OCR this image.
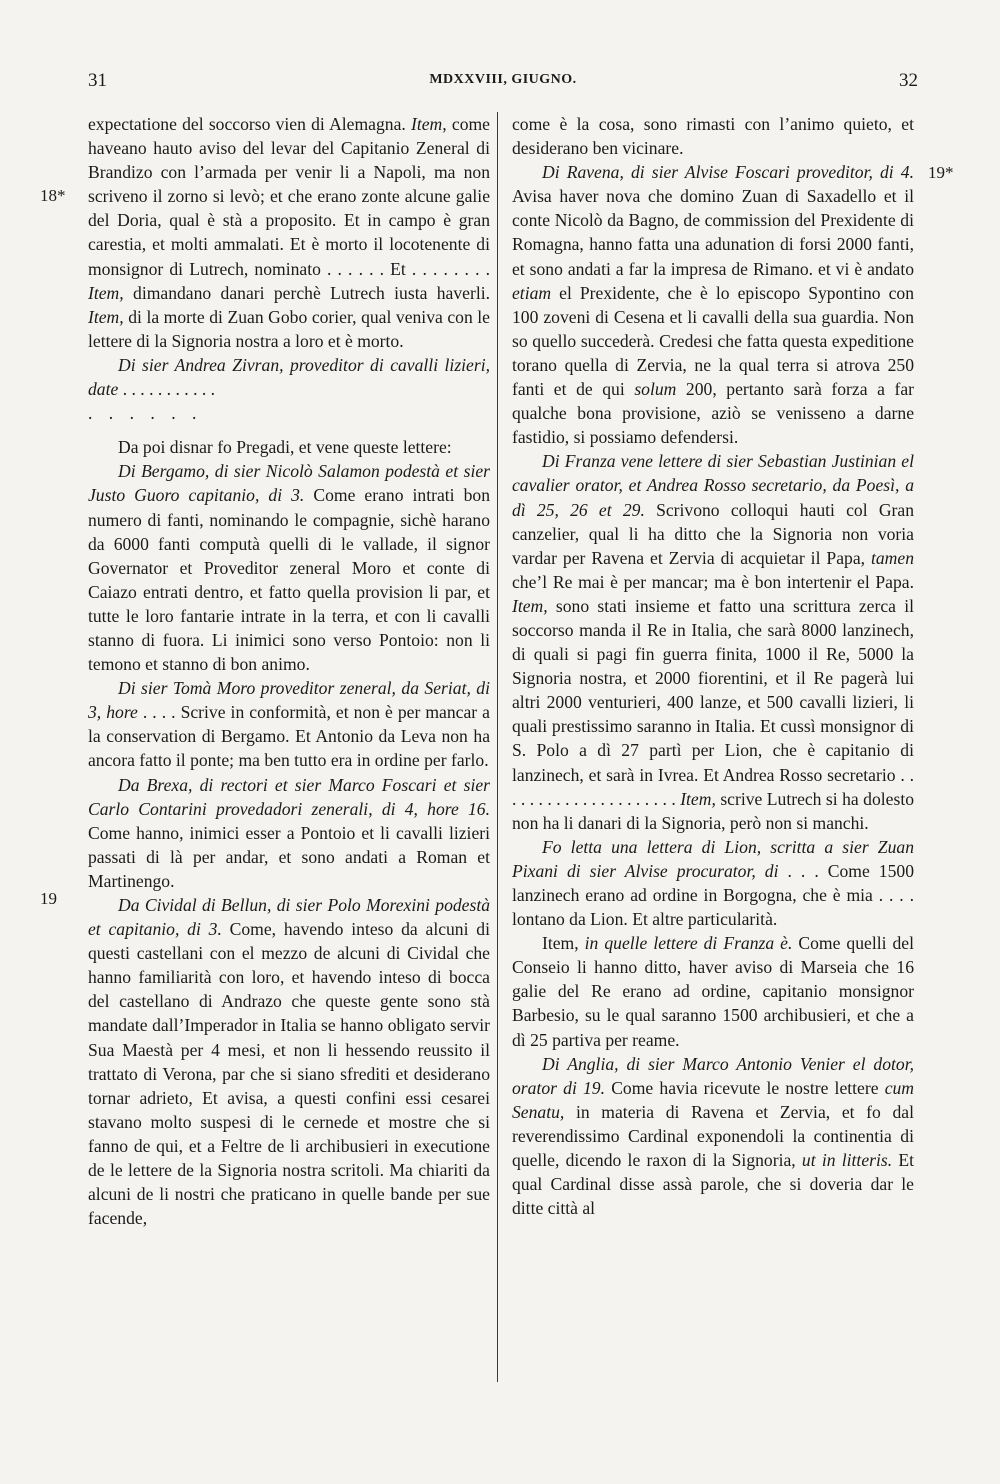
31	MDXXVIII, GIUGNO.	32
18*
19
19*

expectatione del soccorso vien di Alemagna. Item, come haveano hauto aviso del levar del Capitanio Zeneral di Brandizo con l’armada per venir li a Napoli, ma non scriveno il zorno si levò; et che erano zonte alcune galie del Doria, qual è stà a proposito. Et in campo è gran carestia, et molti ammalati. Et è morto il locotenente di monsignor di Lutrech, nominato . . . . . . Et . . . . . . . . Item, dimandano danari perchè Lutrech iusta haverli. Item, di la morte di Zuan Gobo corier, qual veniva con le lettere di la Signoria nostra a loro et è morto.

Di sier Andrea Zivran, proveditor di cavalli lizieri, date . . . . . . . . . . .

. . . . . .

Da poi disnar fo Pregadi, et vene queste lettere:

Di Bergamo, di sier Nicolò Salamon podestà et sier Justo Guoro capitanio, di 3. Come erano intrati bon numero di fanti, nominando le compagnie, sichè harano da 6000 fanti computà quelli di le vallade, il signor Governator et Proveditor zeneral Moro et conte di Caiazo entrati dentro, et fatto quella provision li par, et tutte le loro fantarie intrate in la terra, et con li cavalli stanno di fuora. Li inimici sono verso Pontoio: non li temono et stanno di bon animo.

Di sier Tomà Moro proveditor zeneral, da Seriat, di 3, hore . . . . Scrive in conformità, et non è per mancar a la conservation di Bergamo. Et Antonio da Leva non ha ancora fatto il ponte; ma ben tutto era in ordine per farlo.

Da Brexa, di rectori et sier Marco Foscari et sier Carlo Contarini provedadori zenerali, di 4, hore 16. Come hanno, inimici esser a Pontoio et li cavalli lizieri passati di là per andar, et sono andati a Roman et Martinengo.

Da Cividal di Bellun, di sier Polo Morexini podestà et capitanio, di 3. Come, havendo inteso da alcuni di questi castellani con el mezzo de alcuni di Cividal che hanno familiarità con loro, et havendo inteso di bocca del castellano di Andrazo che queste gente sono stà mandate dall’Imperador in Italia se hanno obligato servir Sua Maestà per 4 mesi, et non li hessendo reussito il trattato di Verona, par che si siano sfrediti et desiderano tornar adrieto, Et avisa, a questi confini essi cesarei stavano molto suspesi di le cernede et mostre che si fanno de qui, et a Feltre de li archibusieri in executione de le lettere de la Signoria nostra scritoli. Ma chiariti da alcuni de li nostri che praticano in quelle bande per sue facende,

come è la cosa, sono rimasti con l’animo quieto, et desiderano ben vicinare.

Di Ravena, di sier Alvise Foscari proveditor, di 4. Avisa haver nova che domino Zuan di Saxadello et il conte Nicolò da Bagno, de commission del Prexidente di Romagna, hanno fatta una adunation di forsi 2000 fanti, et sono andati a far la impresa de Rimano. et vi è andato etiam el Prexidente, che è lo episcopo Sypontino con 100 zoveni di Cesena et li cavalli della sua guardia. Non so quello succederà. Credesi che fatta questa expeditione torano quella di Zervia, ne la qual terra si atrova 250 fanti et de qui solum 200, pertanto sarà forza a far qualche bona provisione, aziò se venisseno a darne fastidio, si possiamo defendersi.

Di Franza vene lettere di sier Sebastian Justinian el cavalier orator, et Andrea Rosso secretario, da Poesì, a dì 25, 26 et 29. Scrivono colloqui hauti col Gran canzelier, qual li ha ditto che la Signoria non voria vardar per Ravena et Zervia di acquietar il Papa, tamen che’l Re mai è per mancar; ma è bon intertenir el Papa. Item, sono stati insieme et fatto una scrittura zerca il soccorso manda il Re in Italia, che sarà 8000 lanzinech, di quali si pagi fin guerra finita, 1000 il Re, 5000 la Signoria nostra, et 2000 fiorentini, et il Re pagerà lui altri 2000 venturieri, 400 lanze, et 500 cavalli lizieri, li quali prestissimo saranno in Italia. Et cussì monsignor di S. Polo a dì 27 partì per Lion, che è capitanio di lanzinech, et sarà in Ivrea. Et Andrea Rosso secretario . . . . . . . . . . . . . . . . . . . . . Item, scrive Lutrech si ha dolesto non ha li danari di la Signoria, però non si manchi.

Fo letta una lettera di Lion, scritta a sier Zuan Pixani di sier Alvise procurator, di . . . Come 1500 lanzinech erano ad ordine in Borgogna, che è mia . . . . lontano da Lion. Et altre particularità.

Item, in quelle lettere di Franza è. Come quelli del Conseio li hanno ditto, haver aviso di Marseia che 16 galie del Re erano ad ordine, capitanio monsignor Barbesio, su le qual saranno 1500 archibusieri, et che a dì 25 partiva per reame.

Di Anglia, di sier Marco Antonio Venier el dotor, orator di 19. Come havia ricevute le nostre lettere cum Senatu, in materia di Ravena et Zervia, et fo dal reverendissimo Cardinal exponendoli la continentia di quelle, dicendo le raxon di la Signoria, ut in litteris. Et qual Cardinal disse assà parole, che si doveria dar le ditte città al
